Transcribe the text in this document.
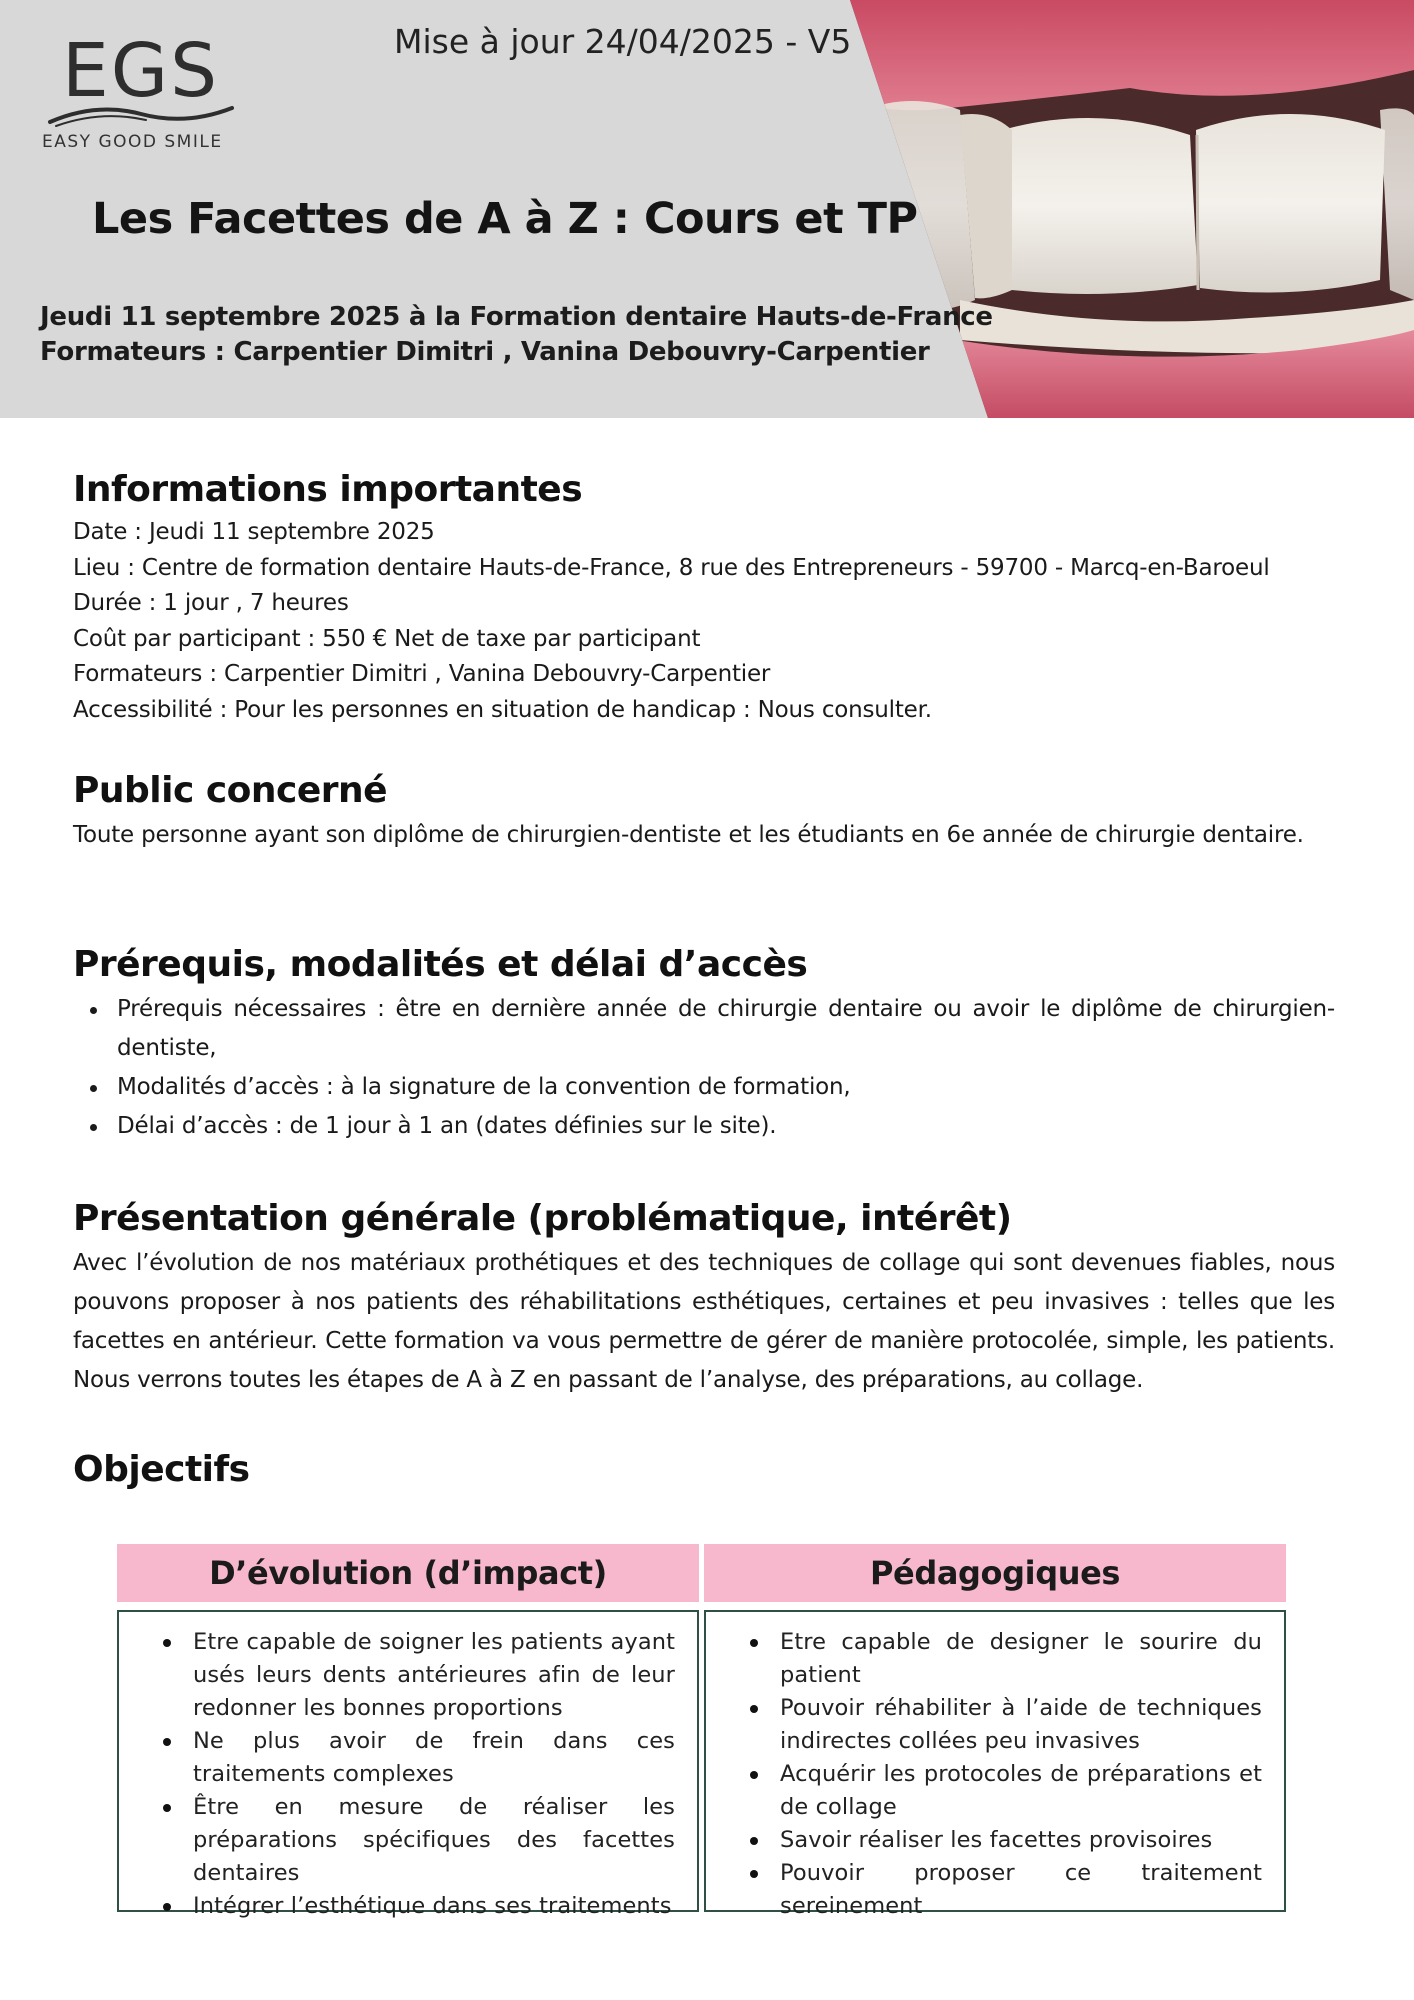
EGS
EASY GOOD SMILE
Mise à jour 24/04/2025 - V5
Les Facettes de A à Z : Cours et TP
Jeudi 11 septembre 2025 à la Formation dentaire Hauts-de-France
Formateurs : Carpentier Dimitri , Vanina Debouvry-Carpentier
Informations importantes

Date : Jeudi 11 septembre 2025

Lieu : Centre de formation dentaire Hauts-de-France, 8 rue des Entrepreneurs - 59700 - Marcq-en-Baroeul

Durée : 1 jour , 7 heures

Coût par participant : 550 € Net de taxe par participant

Formateurs : Carpentier Dimitri , Vanina Debouvry-Carpentier

Accessibilité : Pour les personnes en situation de handicap : Nous consulter.

Public concerné

Toute personne ayant son diplôme de chirurgien-dentiste et les étudiants en 6e année de chirurgie dentaire.

Prérequis, modalités et délai d’accès
Prérequis nécessaires : être en dernière année de chirurgie dentaire ou avoir le diplôme de chirurgien-dentiste,
Modalités d’accès : à la signature de la convention de formation,
Délai d’accès : de 1 jour à 1 an (dates définies sur le site).
Présentation générale (problématique, intérêt)

Avec l’évolution de nos matériaux prothétiques et des techniques de collage qui sont devenues fiables, nous pouvons proposer à nos patients des réhabilitations esthétiques, certaines et peu invasives : telles que les facettes en antérieur. Cette formation va vous permettre de gérer de manière protocolée, simple, les patients. Nous verrons toutes les étapes de A à Z en passant de l’analyse, des préparations, au collage.

Objectifs
D’évolution (d’impact)
Etre capable de soigner les patients ayant usés leurs dents antérieures afin de leur redonner les bonnes proportions
Ne plus avoir de frein dans ces traitements complexes
Être en mesure de réaliser les préparations spécifiques des facettes dentaires
Intégrer l’esthétique dans ses traitements
Pédagogiques
Etre capable de designer le sourire du patient
Pouvoir réhabiliter à l’aide de techniques indirectes collées peu invasives
Acquérir les protocoles de préparations et de collage
Savoir réaliser les facettes provisoires
Pouvoir proposer ce traitement sereinement
